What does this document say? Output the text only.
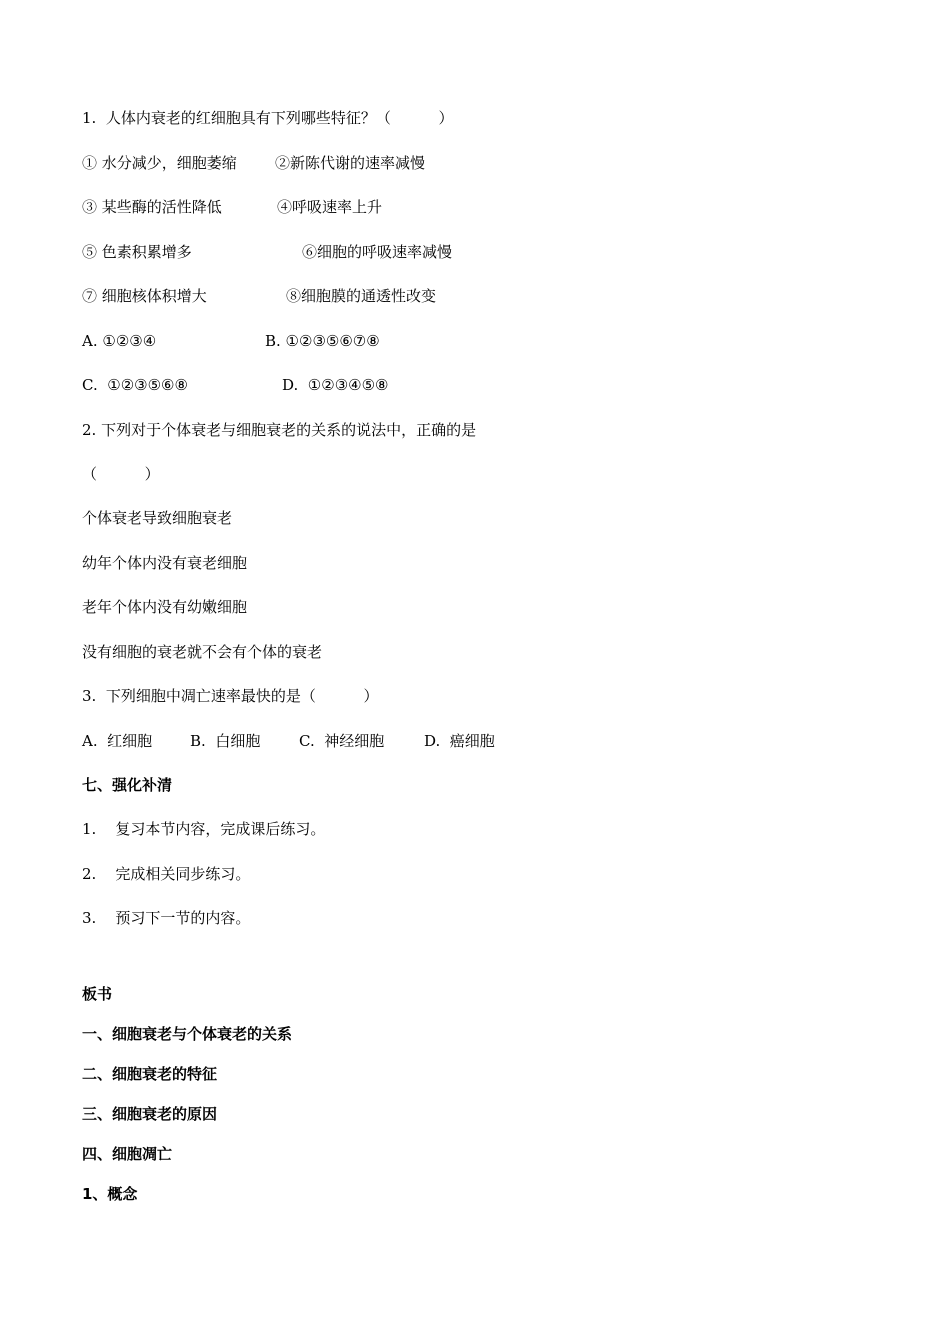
1.  人体内衰老的红细胞具有下列哪些特征？（          ）

① 水分减少，细胞萎缩

	②新陈代谢的速率减慢

③ 某些酶的活性降低

	④呼吸速率上升

⑤ 色素积累增多

	⑥细胞的呼吸速率减慢

⑦ 细胞核体积增大

	⑧细胞膜的通透性改变

A. ①②③④

	B. ①②③⑤⑥⑦⑧

C.  ①②③⑤⑥⑧

	D.  ①②③④⑤⑧

2. 下列对于个体衰老与细胞衰老的关系的说法中，正确的是
（          ）
个体衰老导致细胞衰老
幼年个体内没有衰老细胞
老年个体内没有幼嫩细胞
没有细胞的衰老就不会有个体的衰老
3.  下列细胞中凋亡速率最快的是（          ）

A.  红细胞

	B.  白细胞

	C.  神经细胞

	D.  癌细胞

七、强化补清
1.    复习本节内容，完成课后练习。
2.    完成相关同步练习。
3.    预习下一节的内容。
板书
一、细胞衰老与个体衰老的关系
二、细胞衰老的特征
三、细胞衰老的原因
四、细胞凋亡
1、概念
